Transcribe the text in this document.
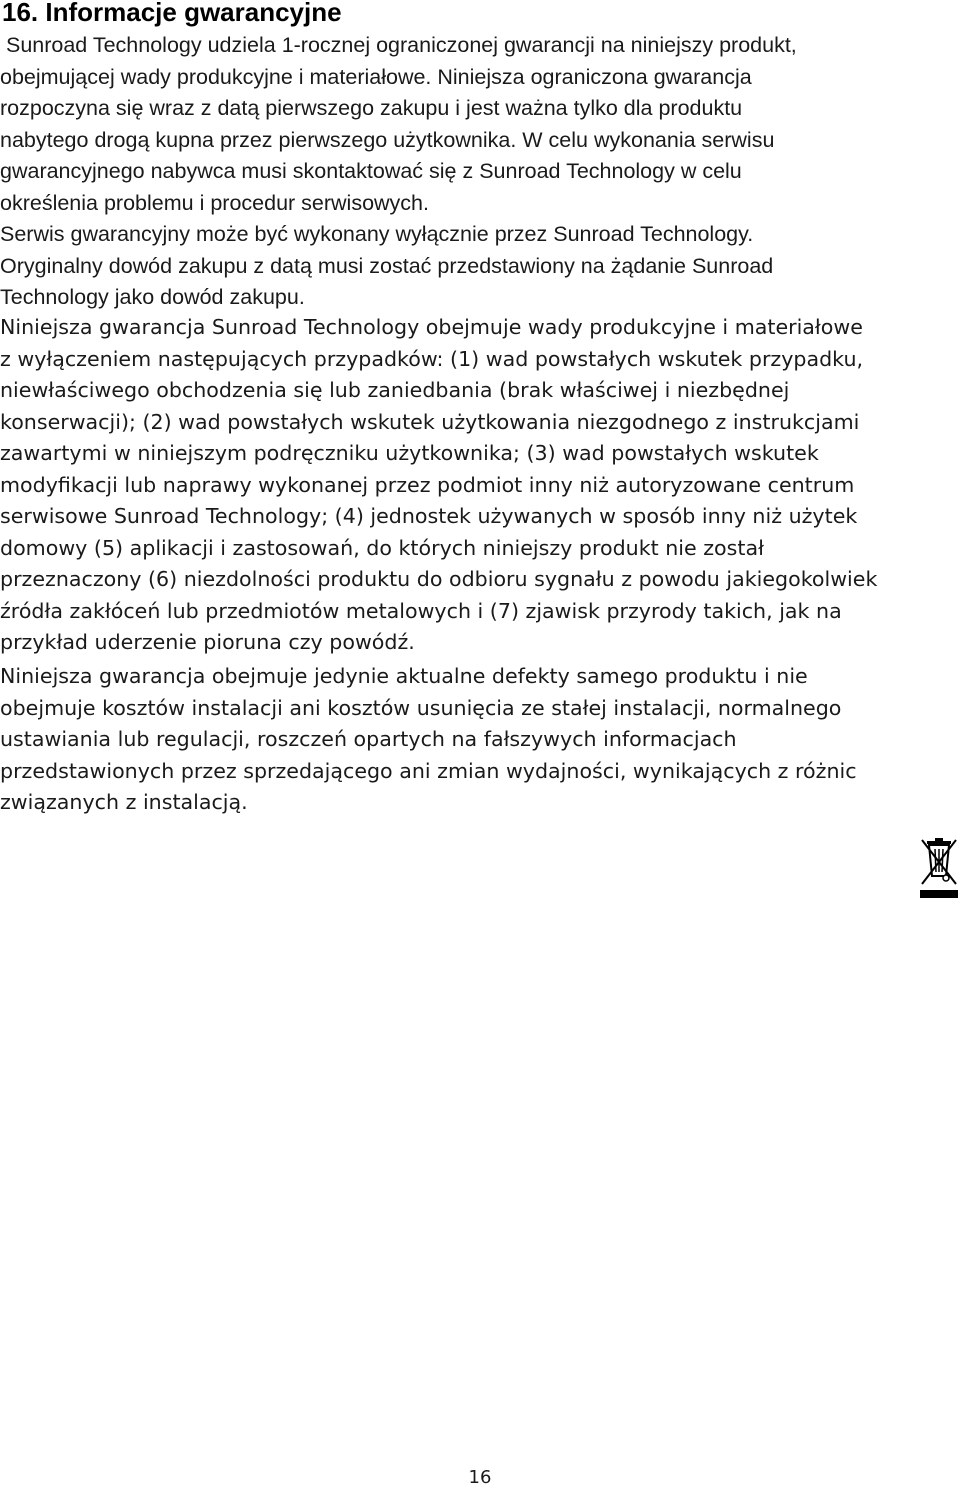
16. Informacje gwarancyjne

Sunroad Technology udziela 1-rocznej ograniczonej gwarancji na niniejszy produkt,
obejmującej wady produkcyjne i materiałowe. Niniejsza ograniczona gwarancja
rozpoczyna się wraz z datą pierwszego zakupu i jest ważna tylko dla produktu
nabytego drogą kupna przez pierwszego użytkownika. W celu wykonania serwisu
gwarancyjnego nabywca musi skontaktować się z Sunroad Technology w celu
określenia problemu i procedur serwisowych.
Serwis gwarancyjny może być wykonany wyłącznie przez Sunroad Technology.
Oryginalny dowód zakupu z datą musi zostać przedstawiony na żądanie Sunroad
Technology jako dowód zakupu.

Niniejsza gwarancja Sunroad Technology obejmuje wady produkcyjne i materiałowe
z wyłączeniem następujących przypadków: (1) wad powstałych wskutek przypadku,
niewłaściwego obchodzenia się lub zaniedbania (brak właściwej i niezbędnej
konserwacji); (2) wad powstałych wskutek użytkowania niezgodnego z instrukcjami
zawartymi w niniejszym podręczniku użytkownika; (3) wad powstałych wskutek
modyfikacji lub naprawy wykonanej przez podmiot inny niż autoryzowane centrum
serwisowe Sunroad Technology; (4) jednostek używanych w sposób inny niż użytek
domowy (5) aplikacji i zastosowań, do których niniejszy produkt nie został
przeznaczony (6) niezdolności produktu do odbioru sygnału z powodu jakiegokolwiek
źródła zakłóceń lub przedmiotów metalowych i (7) zjawisk przyrody takich, jak na
przykład uderzenie pioruna czy powódź.

Niniejsza gwarancja obejmuje jedynie aktualne defekty samego produktu i nie
obejmuje kosztów instalacji ani kosztów usunięcia ze stałej instalacji, normalnego
ustawiania lub regulacji, roszczeń opartych na fałszywych informacjach
przedstawionych przez sprzedającego ani zmian wydajności, wynikających z różnic
związanych z instalacją.

16
